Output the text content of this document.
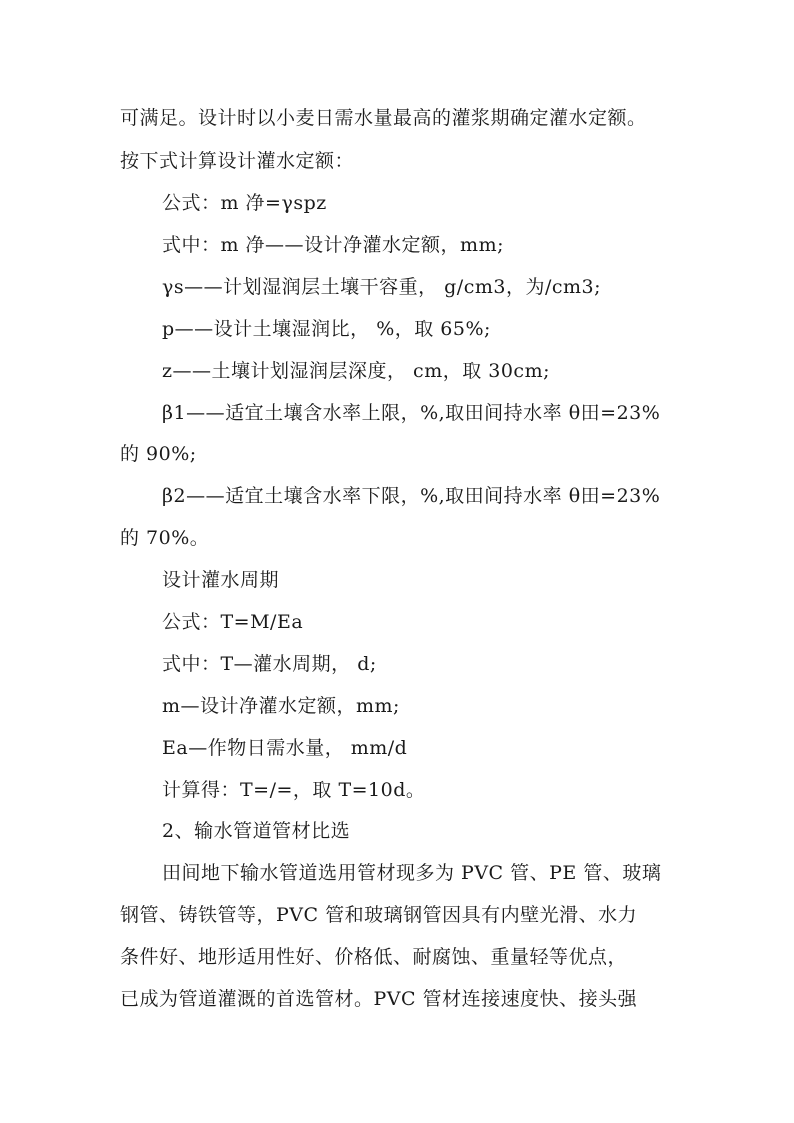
可满足。设计时以小麦日需水量最高的灌浆期确定灌水定额。
按下式计算设计灌水定额：
公式：m 净=γspz
式中：m 净——设计净灌水定额，mm;
γs——计划湿润层土壤干容重， g/cm3，为/cm3;
p——设计土壤湿润比， %，取 65%;
z——土壤计划湿润层深度， cm，取 30cm;
β1——适宜土壤含水率上限，%,取田间持水率 θ田=23%
的 90%;
β2——适宜土壤含水率下限，%,取田间持水率 θ田=23%
的 70%。
设计灌水周期
公式：T=M/Ea
式中：T—灌水周期， d;
m—设计净灌水定额，mm;
Ea—作物日需水量， mm/d
计算得：T=/=，取 T=10d。
2、输水管道管材比选
田间地下输水管道选用管材现多为 PVC 管、PE 管、玻璃
钢管、铸铁管等，PVC 管和玻璃钢管因具有内壁光滑、水力
条件好、地形适用性好、价格低、耐腐蚀、重量轻等优点，
已成为管道灌溉的首选管材。PVC 管材连接速度快、接头强
